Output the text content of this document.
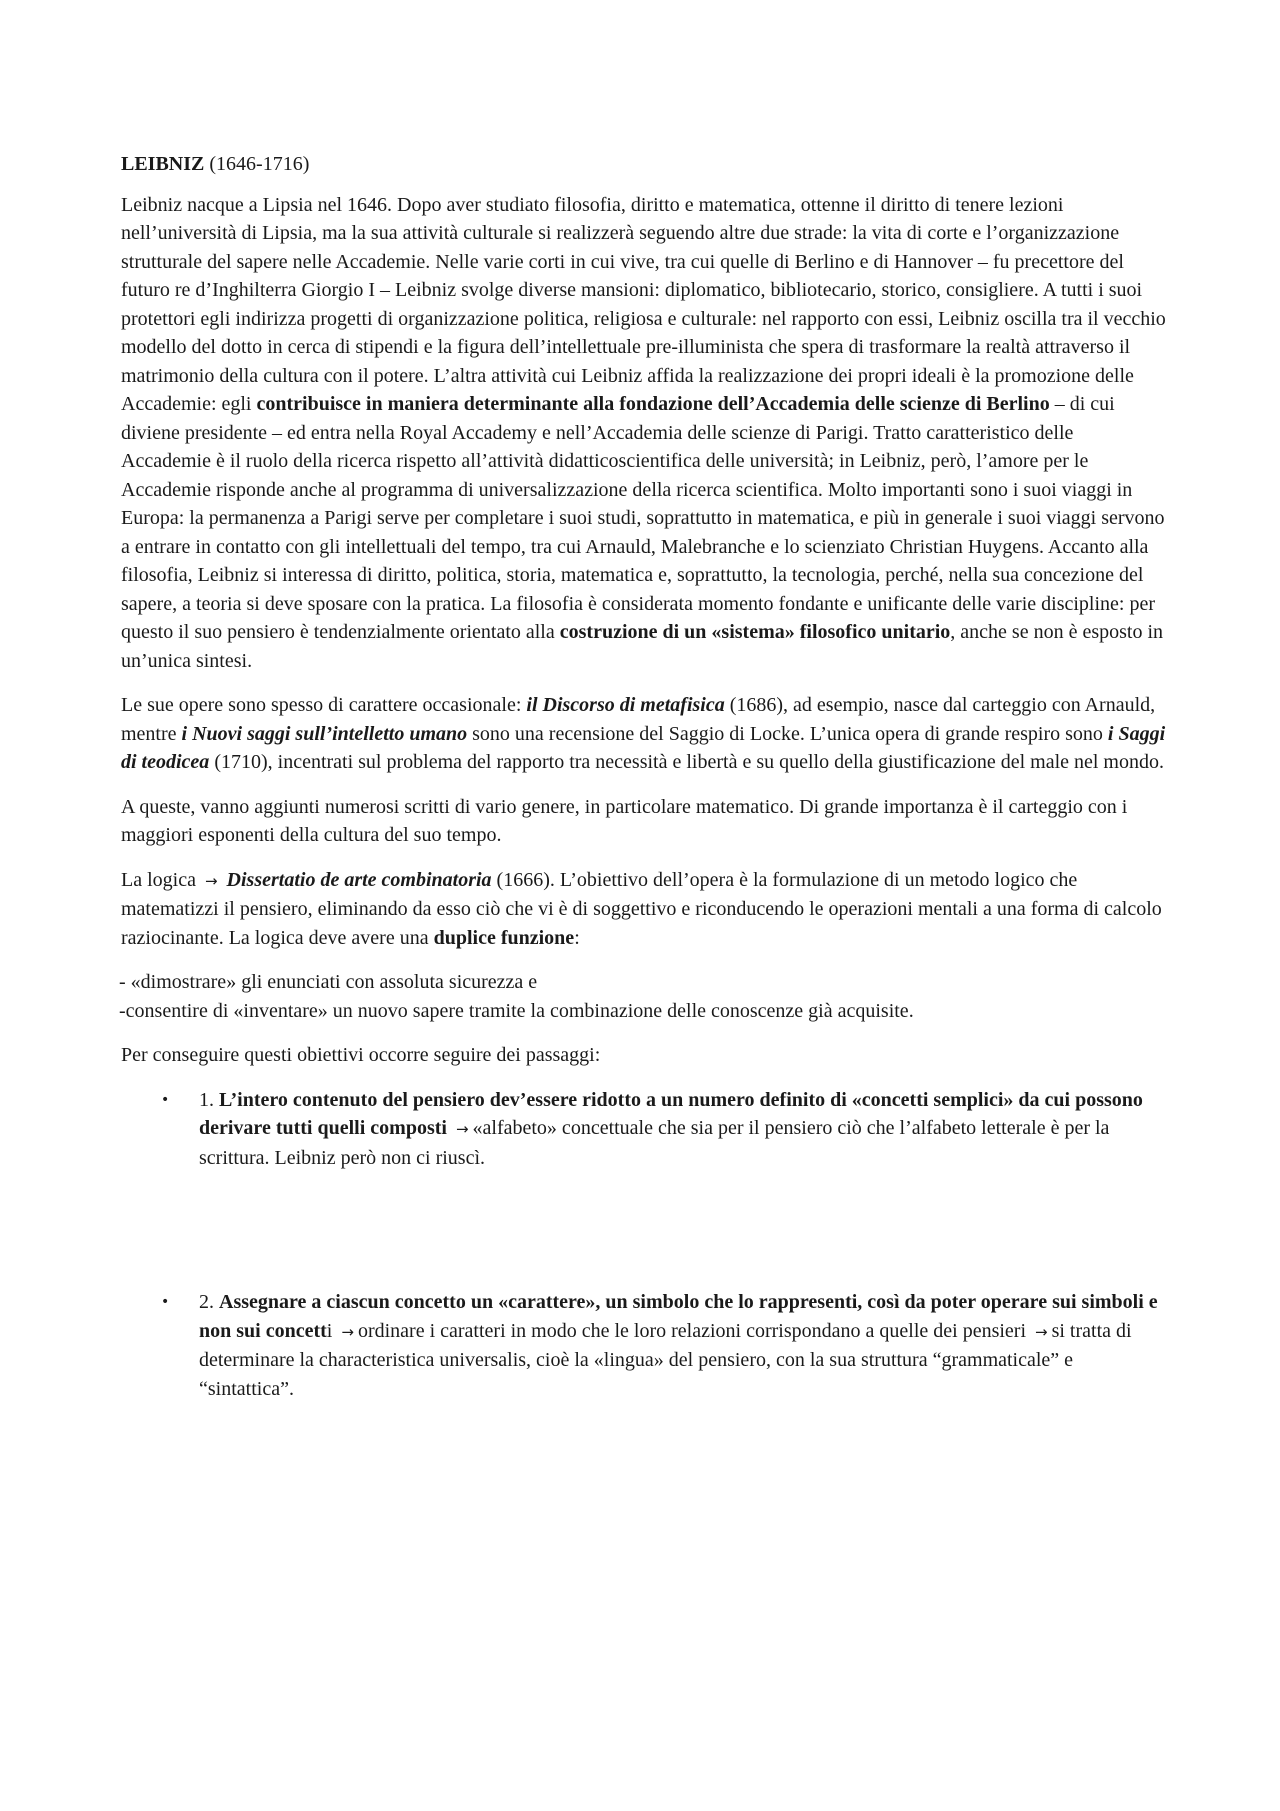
LEIBNIZ (1646-1716)

Leibniz nacque a Lipsia nel 1646. Dopo aver studiato filosofia, diritto e matematica, ottenne il diritto di tenere lezioni nell’università di Lipsia, ma la sua attività culturale si realizzerà seguendo altre due strade: la vita di corte e l’organizzazione strutturale del sapere nelle Accademie. Nelle varie corti in cui vive, tra cui quelle di Berlino e di Hannover – fu precettore del futuro re d’Inghilterra Giorgio I – Leibniz svolge diverse mansioni: diplomatico, bibliotecario, storico, consigliere. A tutti i suoi protettori egli indirizza progetti di organizzazione politica, religiosa e culturale: nel rapporto con essi, Leibniz oscilla tra il vecchio modello del dotto in cerca di stipendi e la figura dell’intellettuale pre-illuminista che spera di trasformare la realtà attraverso il matrimonio della cultura con il potere. L’altra attività cui Leibniz affida la realizzazione dei propri ideali è la promozione delle Accademie: egli contribuisce in maniera determinante alla fondazione dell’Accademia delle scienze di Berlino – di cui diviene presidente – ed entra nella Royal Accademy e nell’Accademia delle scienze di Parigi. Tratto caratteristico delle Accademie è il ruolo della ricerca rispetto all’attività didatticoscientifica delle università; in Leibniz, però, l’amore per le Accademie risponde anche al programma di universalizzazione della ricerca scientifica. Molto importanti sono i suoi viaggi in Europa: la permanenza a Parigi serve per completare i suoi studi, soprattutto in matematica, e più in generale i suoi viaggi servono a entrare in contatto con gli intellettuali del tempo, tra cui Arnauld, Malebranche e lo scienziato Christian Huygens. Accanto alla filosofia, Leibniz si interessa di diritto, politica, storia, matematica e, soprattutto, la tecnologia, perché, nella sua concezione del sapere, a teoria si deve sposare con la pratica. La filosofia è considerata momento fondante e unificante delle varie discipline: per questo il suo pensiero è tendenzialmente orientato alla costruzione di un «sistema» filosofico unitario, anche se non è esposto in un’unica sintesi.

Le sue opere sono spesso di carattere occasionale: il Discorso di metafisica (1686), ad esempio, nasce dal carteggio con Arnauld, mentre i Nuovi saggi sull’intelletto umano sono una recensione del Saggio di Locke. L’unica opera di grande respiro sono i Saggi di teodicea (1710), incentrati sul problema del rapporto tra necessità e libertà e su quello della giustificazione del male nel mondo.

A queste, vanno aggiunti numerosi scritti di vario genere, in particolare matematico. Di grande importanza è il carteggio con i maggiori esponenti della cultura del suo tempo.

La logica → Dissertatio de arte combinatoria (1666). L’obiettivo dell’opera è la formulazione di un metodo logico che matematizzi il pensiero, eliminando da esso ciò che vi è di soggettivo e riconducendo le operazioni mentali a una forma di calcolo raziocinante. La logica deve avere una duplice funzione:

- «dimostrare» gli enunciati con assoluta sicurezza e
-consentire di «inventare» un nuovo sapere tramite la combinazione delle conoscenze già acquisite.

Per conseguire questi obiettivi occorre seguire dei passaggi:

• 1. L’intero contenuto del pensiero dev’essere ridotto a un numero definito di «concetti semplici» da cui possono derivare tutti quelli composti → «alfabeto» concettuale che sia per il pensiero ciò che l’alfabeto letterale è per la scrittura. Leibniz però non ci riuscì.
• 2. Assegnare a ciascun concetto un «carattere», un simbolo che lo rappresenti, così da poter operare sui simboli e non sui concetti → ordinare i caratteri in modo che le loro relazioni corrispondano a quelle dei pensieri → si tratta di determinare la characteristica universalis, cioè la «lingua» del pensiero, con la sua struttura “grammaticale” e “sintattica”.
